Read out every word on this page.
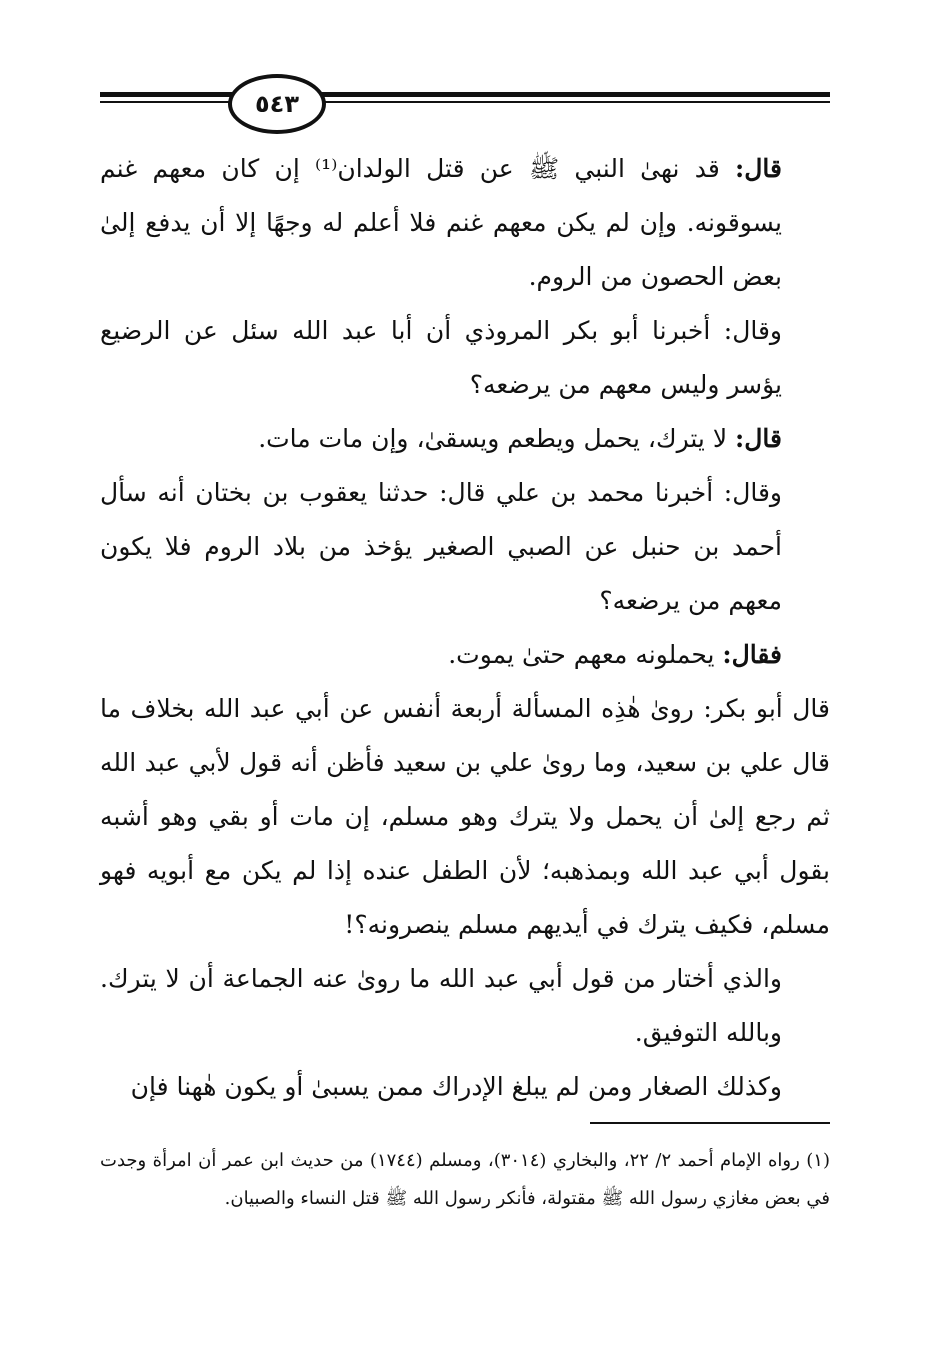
٥٤٣

قال: قد نهىٰ النبي ﷺ عن قتل الولدان⁽¹⁾ إن كان معهم غنم يسوقونه. وإن لم يكن معهم غنم فلا أعلم له وجهًا إلا أن يدفع إلىٰ بعض الحصون من الروم.

وقال: أخبرنا أبو بكر المروذي أن أبا عبد الله سئل عن الرضيع يؤسر وليس معهم من يرضعه؟

قال: لا يترك، يحمل ويطعم ويسقىٰ، وإن مات مات.

وقال: أخبرنا محمد بن علي قال: حدثنا يعقوب بن بختان أنه سأل أحمد بن حنبل عن الصبي الصغير يؤخذ من بلاد الروم فلا يكون معهم من يرضعه؟

فقال: يحملونه معهم حتىٰ يموت.

قال أبو بكر: روىٰ هٰذِه المسألة أربعة أنفس عن أبي عبد الله بخلاف ما قال علي بن سعيد، وما روىٰ علي بن سعيد فأظن أنه قول لأبي عبد الله ثم رجع إلىٰ أن يحمل ولا يترك وهو مسلم، إن مات أو بقي وهو أشبه بقول أبي عبد الله وبمذهبه؛ لأن الطفل عنده إذا لم يكن مع أبويه فهو مسلم، فكيف يترك في أيديهم مسلم ينصرونه؟!

والذي أختار من قول أبي عبد الله ما روىٰ عنه الجماعة أن لا يترك. وبالله التوفيق.

وكذلك الصغار ومن لم يبلغ الإدراك ممن يسبىٰ أو يكون هٰهنا فإن

(١) رواه الإمام أحمد ٢/ ٢٢، والبخاري (٣٠١٤)، ومسلم (١٧٤٤) من حديث ابن عمر أن امرأة وجدت في بعض مغازي رسول الله ﷺ مقتولة، فأنكر رسول الله ﷺ قتل النساء والصبيان.
